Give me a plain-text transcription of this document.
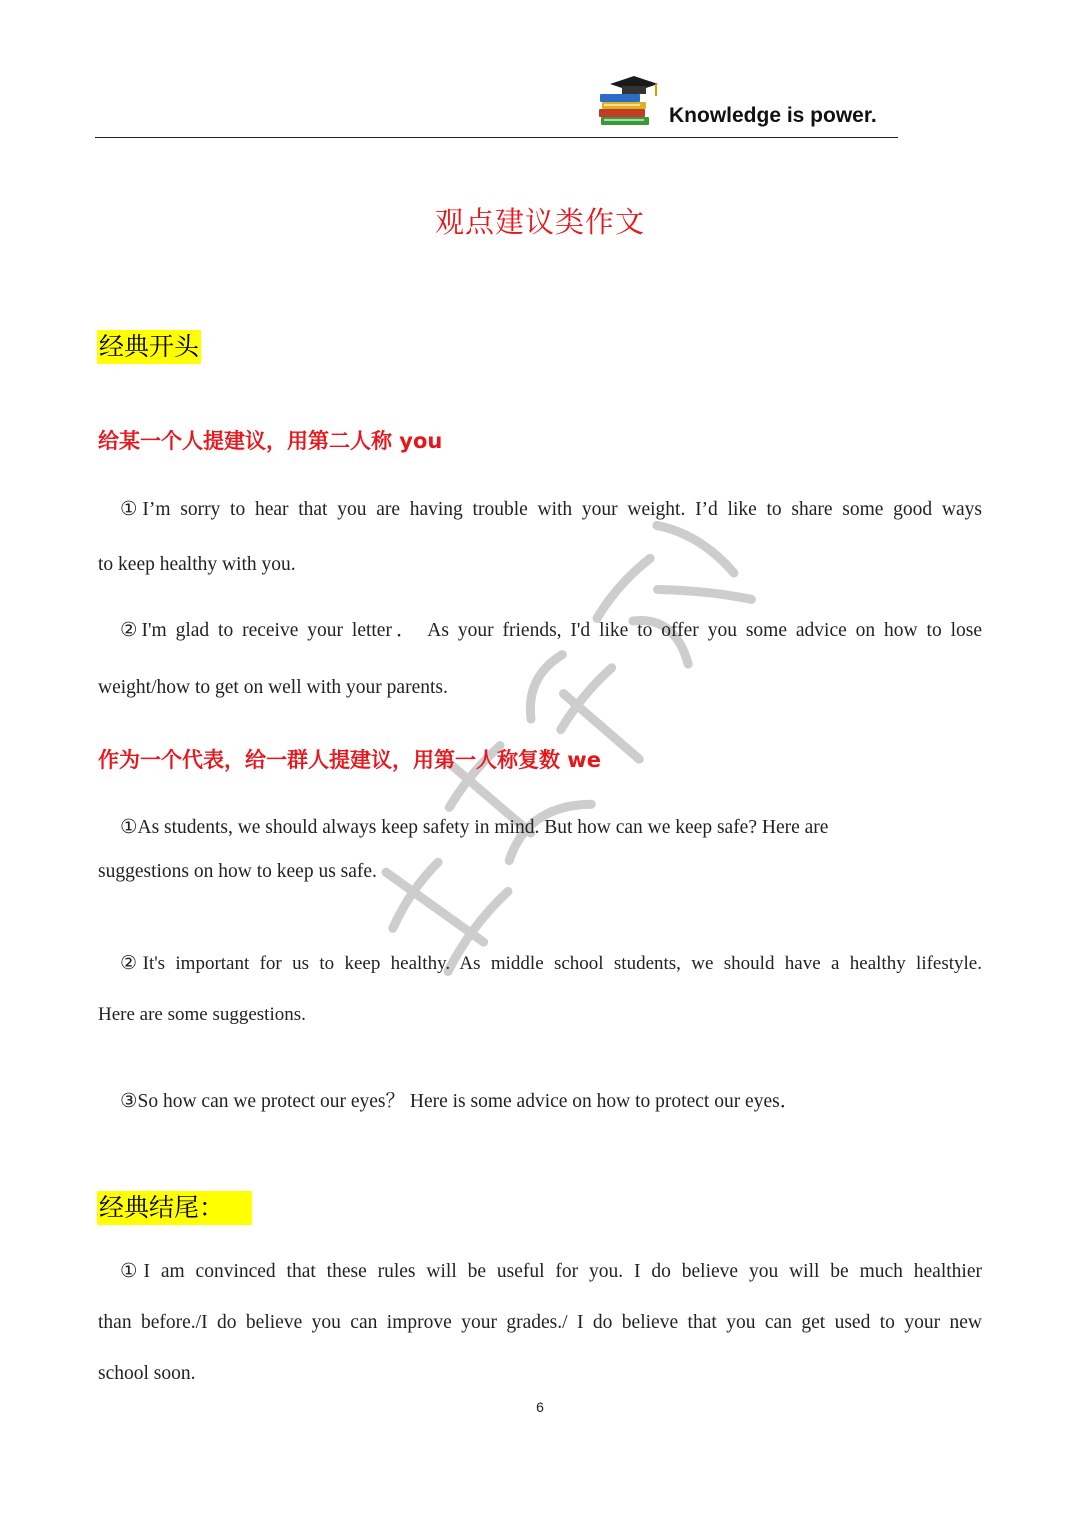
Knowledge is power.
观点建议类作文
经典开头
给某一个人提建议，用第二人称 you
①I’m sorry to hear that you are having trouble with your weight. I’d like to share some good ways
to keep healthy with you.
②I'm glad to receive your letter． As your friends, I'd like to offer you some advice on how to lose
weight/how to get on well with your parents.
作为一个代表，给一群人提建议，用第一人称复数 we
①As students, we should always keep safety in mind. But how can we keep safe? Here are
suggestions on how to keep us safe.
②It's important for us to keep healthy. As middle school students, we should have a healthy lifestyle.
Here are some suggestions.
③So how can we protect our eyes？ Here is some advice on how to protect our eyes．
经典结尾：
①I am convinced that these rules will be useful for you. I do believe you will be much healthier
than before./I do believe you can improve your grades./ I do believe that you can get used to your new
school soon.
6
